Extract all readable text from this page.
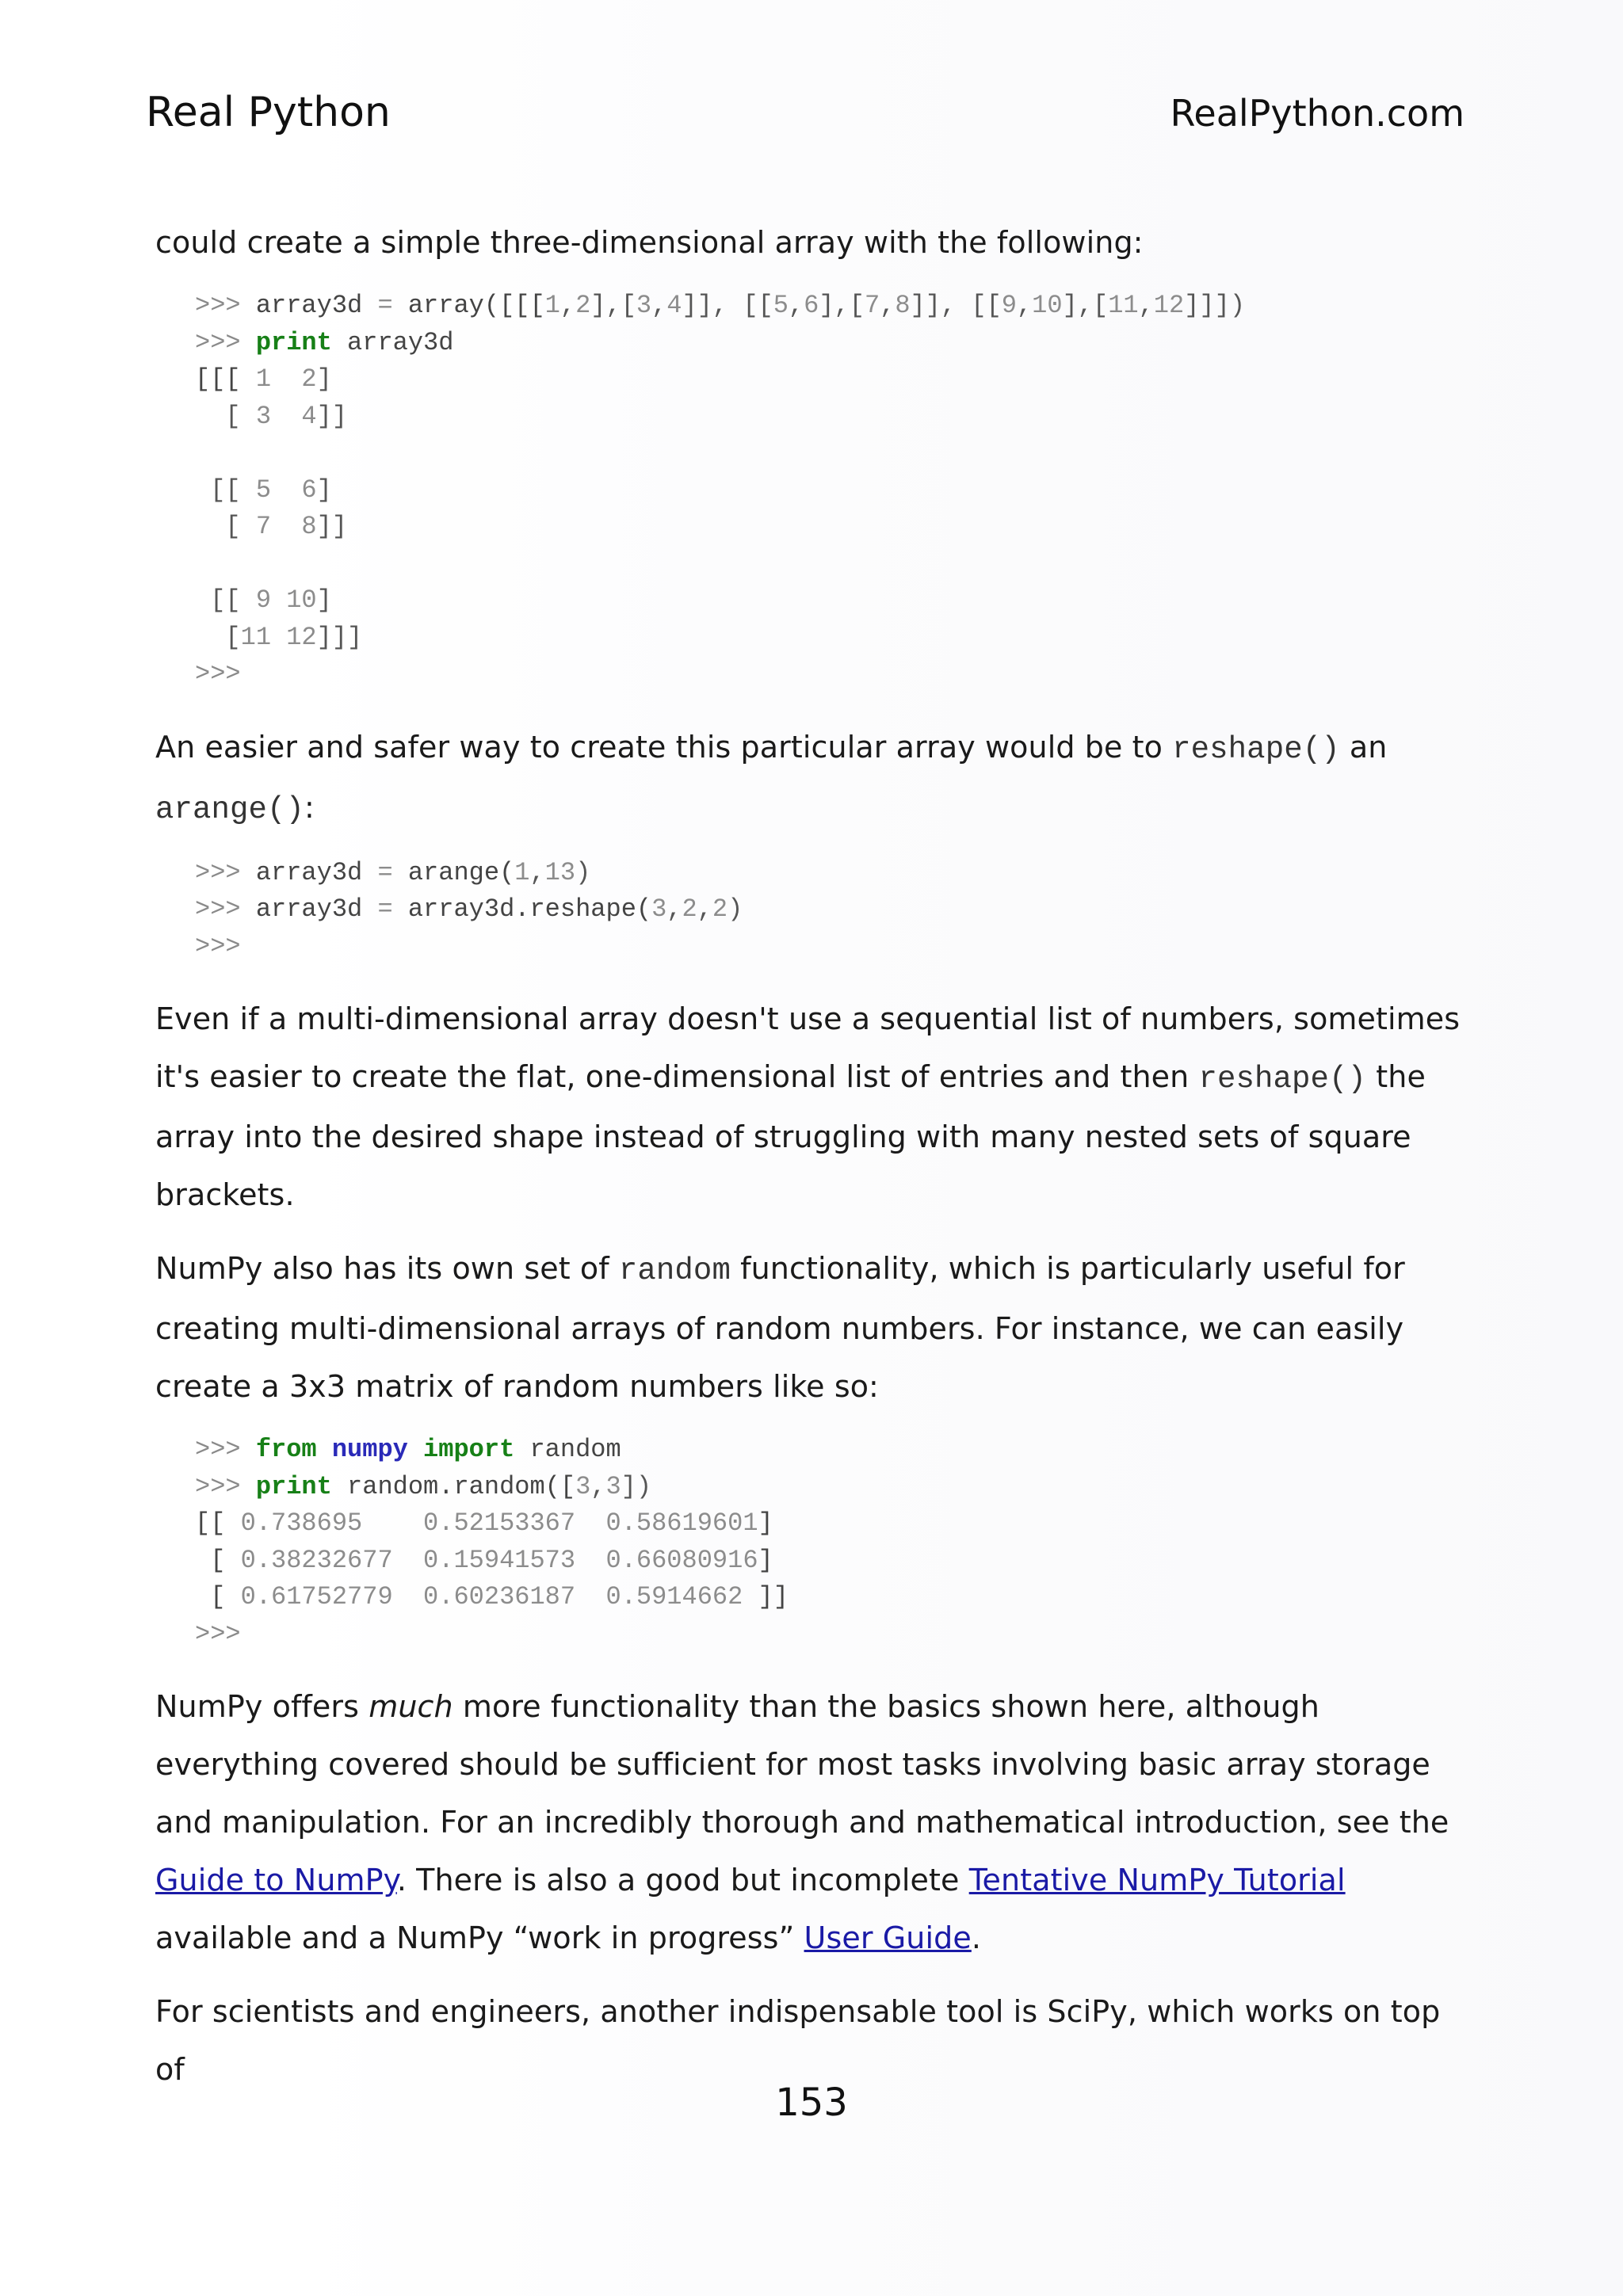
Real Python	RealPython.com

could create a simple three-dimensional array with the following:

>>> array3d = array([[[1,2],[3,4]], [[5,6],[7,8]], [[9,10],[11,12]]])
>>> print array3d
[[[ 1 2]
[ 3 4]]

[[ 5 6]
[ 7 8]]

[[ 9 10]
[11 12]]]
>>>

An easier and safer way to create this particular array would be to reshape() an
arange():

>>> array3d = arange(1,13)
>>> array3d = array3d.reshape(3,2,2)
>>>

Even if a multi-dimensional array doesn't use a sequential list of numbers, sometimes it's easier to create the flat, one-dimensional list of entries and then reshape() the array into the desired shape instead of struggling with many nested sets of square brackets.

NumPy also has its own set of random functionality, which is particularly useful for creating multi-dimensional arrays of random numbers. For instance, we can easily create a 3x3 matrix of random numbers like so:

>>> from numpy import random
>>> print random.random([3,3])
[[ 0.738695    0.52153367  0.58619601]
[ 0.38232677  0.15941573  0.66080916]
[ 0.61752779  0.60236187  0.5914662 ]]
>>>

NumPy offers much more functionality than the basics shown here, although everything covered should be sufficient for most tasks involving basic array storage and manipulation. For an incredibly thorough and mathematical introduction, see the Guide to NumPy. There is also a good but incomplete Tentative NumPy Tutorial available and a NumPy “work in progress” User Guide.

For scientists and engineers, another indispensable tool is SciPy, which works on top of

153
